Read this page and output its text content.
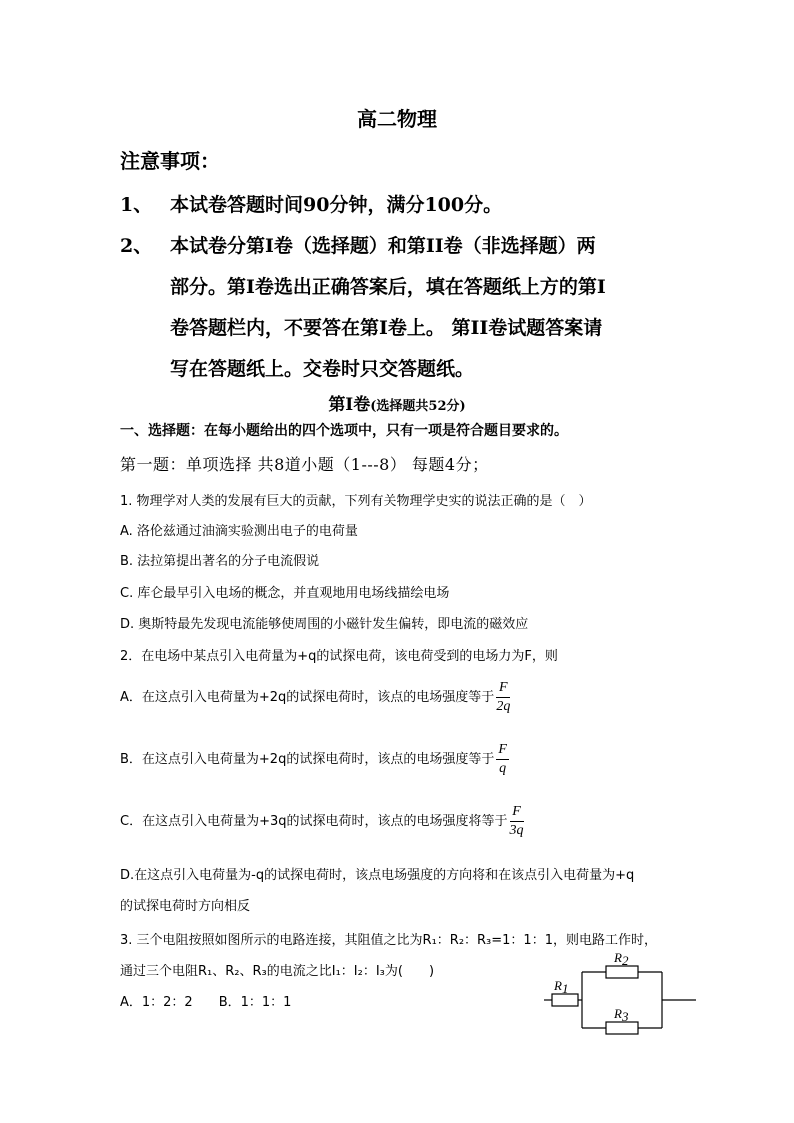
高二物理
注意事项：
1、 本试卷答题时间90分钟，满分100分。
2、 本试卷分第Ⅰ卷（选择题）和第II卷（非选择题）两
部分。第Ⅰ卷选出正确答案后，填在答题纸上方的第Ⅰ
卷答题栏内，不要答在第Ⅰ卷上。 第II卷试题答案请
写在答题纸上。交卷时只交答题纸。
第Ⅰ卷(选择题共52分)
一、选择题：在每小题给出的四个选项中，只有一项是符合题目要求的。
第一题：单项选择 共8道小题（1---8） 每题4分；
1. 物理学对人类的发展有巨大的贡献，下列有关物理学史实的说法正确的是（　）
A. 洛伦兹通过油滴实验测出电子的电荷量
B. 法拉第提出著名的分子电流假说
C. 库仑最早引入电场的概念，并直观地用电场线描绘电场
D. 奥斯特最先发现电流能够使周围的小磁针发生偏转，即电流的磁效应
2．在电场中某点引入电荷量为+q的试探电荷，该电荷受到的电场力为F，则
A．在这点引入电荷量为+2q的试探电荷时，该点的电场强度等于 $\frac{F}{2q}$
B．在这点引入电荷量为+2q的试探电荷时，该点的电场强度等于 $\frac{F}{q}$
C．在这点引入电荷量为+3q的试探电荷时，该点的电场强度将等于 $\frac{F}{3q}$
D.在这点引入电荷量为-q的试探电荷时，该点电场强度的方向将和在该点引入电荷量为+q
的试探电荷时方向相反
3. 三个电阻按照如图所示的电路连接，其阻值之比为R₁：R₂：R₃=1：1：1，则电路工作时，
通过三个电阻R₁、R₂、R₃的电流之比I₁：I₂：I₃为(　　)
A．1：2：2　　B．1：1：1
R1
R2
R3
